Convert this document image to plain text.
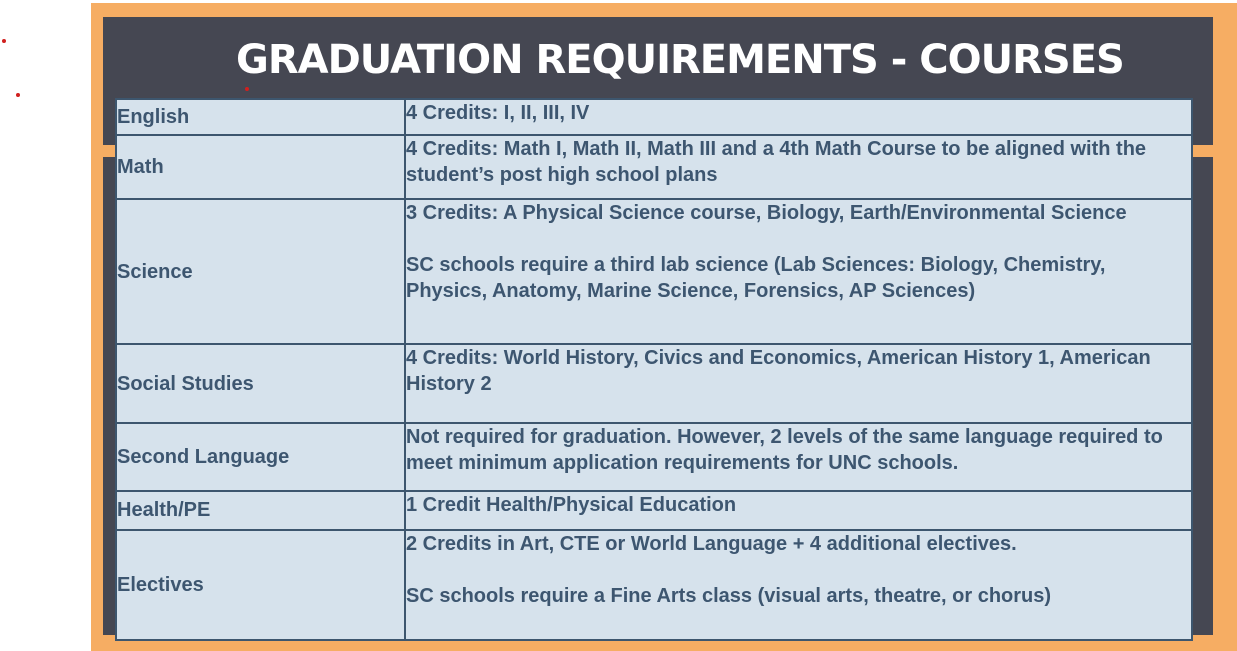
GRADUATION REQUIREMENTS - COURSES
English	4 Credits: I, II, III, IV

Math	4 Credits: Math I, Math II, Math III and a 4th Math Course to be aligned with the student’s post high school plans

Science	3 Credits: A Physical Science course, Biology, Earth/Environmental Science

SC schools require a third lab science (Lab Sciences: Biology, Chemistry, Physics, Anatomy, Marine Science, Forensics, AP Sciences)

Social Studies	4 Credits: World History, Civics and Economics, American History 1, American History 2

Second Language	Not required for graduation. However, 2 levels of the same language required to meet minimum application requirements for UNC schools.

Health/PE	1 Credit Health/Physical Education

Electives	2 Credits in Art, CTE or World Language + 4 additional electives.

SC schools require a Fine Arts class (visual arts, theatre, or chorus)
